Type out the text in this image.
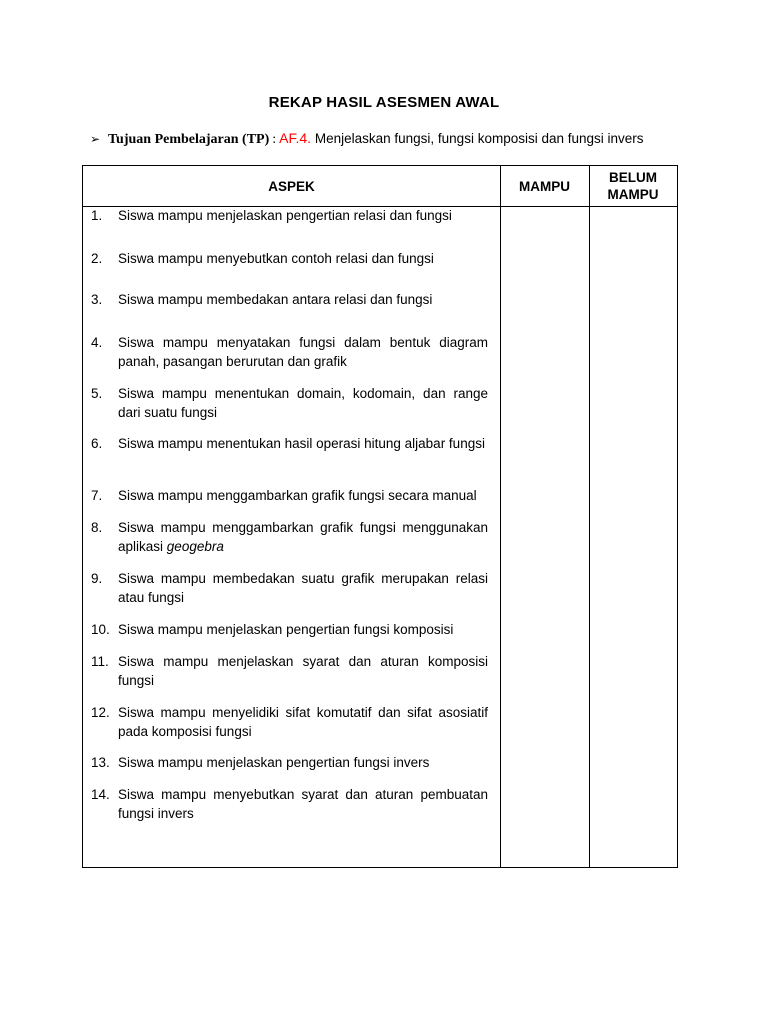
REKAP HASIL ASESMEN AWAL
➢ Tujuan Pembelajaran (TP) : AF.4. Menjelaskan fungsi, fungsi komposisi dan fungsi invers
ASPEK	MAMPU
BELUM
MAMPU
1. Siswa mampu menjelaskan pengertian relasi dan fungsi
2. Siswa mampu menyebutkan contoh relasi dan fungsi
3. Siswa mampu membedakan antara relasi dan fungsi
4. Siswa mampu menyatakan fungsi dalam bentuk diagram panah, pasangan berurutan dan grafik
5. Siswa mampu menentukan domain, kodomain, dan range dari suatu fungsi
6. Siswa mampu menentukan hasil operasi hitung aljabar fungsi
7. Siswa mampu menggambarkan grafik fungsi secara manual
8. Siswa mampu menggambarkan grafik fungsi menggunakan aplikasi geogebra
9. Siswa mampu membedakan suatu grafik merupakan relasi atau fungsi
10. Siswa mampu menjelaskan pengertian fungsi komposisi
11. Siswa mampu menjelaskan syarat dan aturan komposisi fungsi
12. Siswa mampu menyelidiki sifat komutatif dan sifat asosiatif pada komposisi fungsi
13. Siswa mampu menjelaskan pengertian fungsi invers
14. Siswa mampu menyebutkan syarat dan aturan pembuatan fungsi invers
